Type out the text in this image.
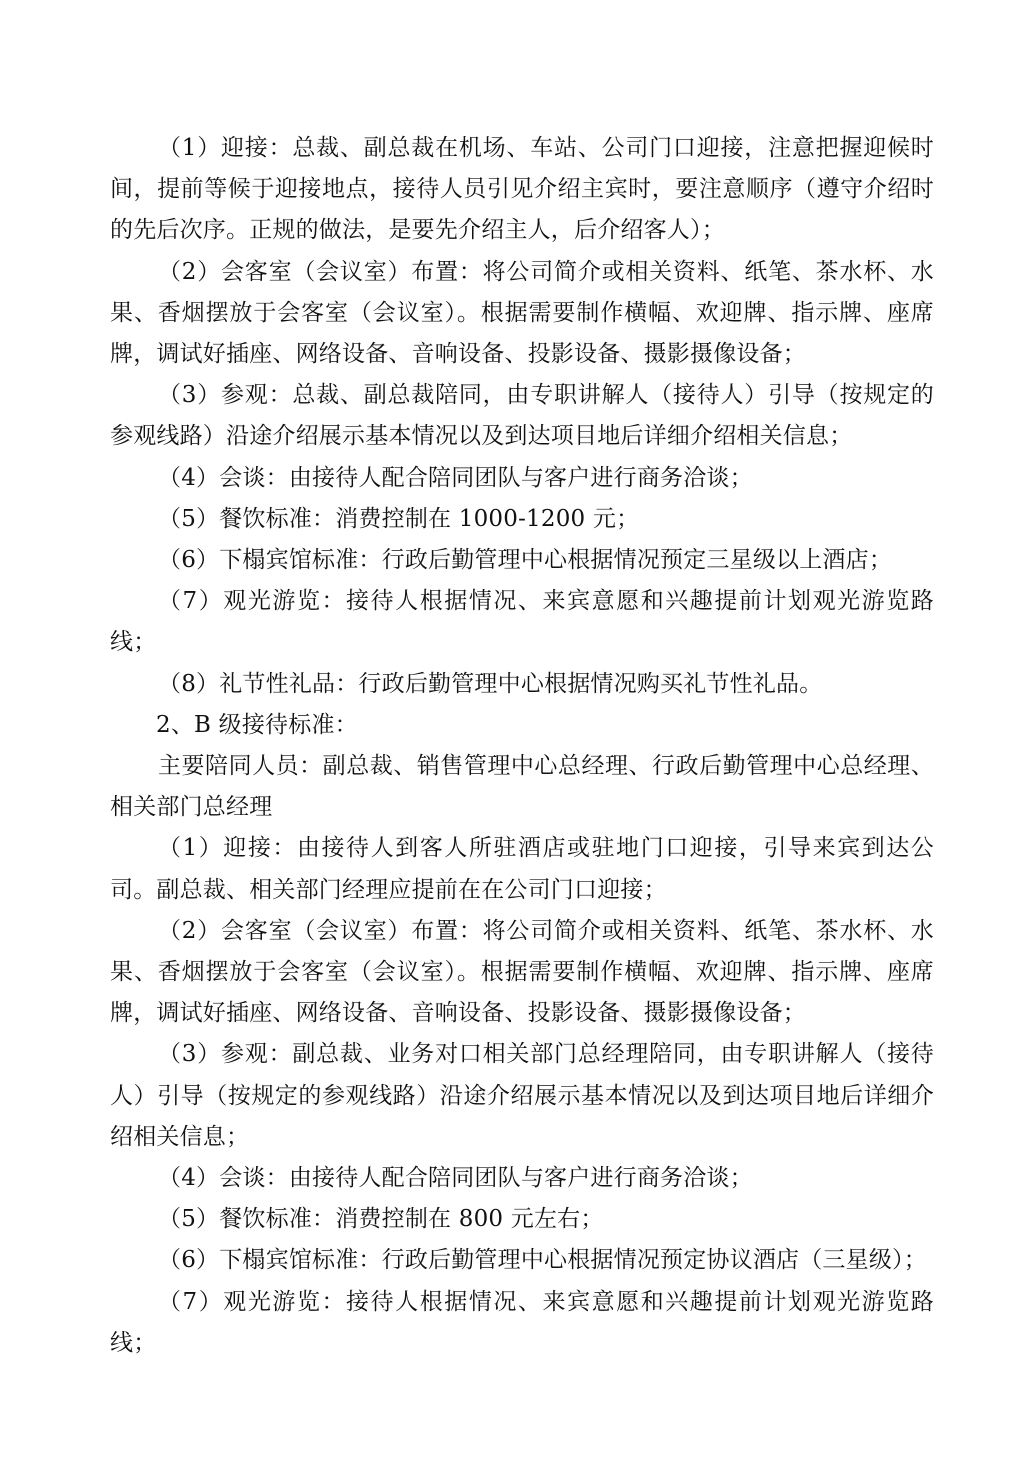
（1）迎接：总裁、副总裁在机场、车站、公司门口迎接，注意把握迎候时间，提前等候于迎接地点，接待人员引见介绍主宾时，要注意顺序（遵守介绍时的先后次序。正规的做法，是要先介绍主人，后介绍客人）；

（2）会客室（会议室）布置：将公司简介或相关资料、纸笔、茶水杯、水果、香烟摆放于会客室（会议室）。根据需要制作横幅、欢迎牌、指示牌、座席牌，调试好插座、网络设备、音响设备、投影设备、摄影摄像设备；

（3）参观：总裁、副总裁陪同，由专职讲解人（接待人）引导（按规定的参观线路）沿途介绍展示基本情况以及到达项目地后详细介绍相关信息；

（4）会谈：由接待人配合陪同团队与客户进行商务洽谈；

（5）餐饮标准：消费控制在 1000-1200 元；

（6）下榻宾馆标准：行政后勤管理中心根据情况预定三星级以上酒店；

（7）观光游览：接待人根据情况、来宾意愿和兴趣提前计划观光游览路线；

（8）礼节性礼品：行政后勤管理中心根据情况购买礼节性礼品。

2、B 级接待标准：

主要陪同人员：副总裁、销售管理中心总经理、行政后勤管理中心总经理、相关部门总经理

（1）迎接：由接待人到客人所驻酒店或驻地门口迎接，引导来宾到达公司。副总裁、相关部门经理应提前在在公司门口迎接；

（2）会客室（会议室）布置：将公司简介或相关资料、纸笔、茶水杯、水果、香烟摆放于会客室（会议室）。根据需要制作横幅、欢迎牌、指示牌、座席牌，调试好插座、网络设备、音响设备、投影设备、摄影摄像设备；

（3）参观：副总裁、业务对口相关部门总经理陪同，由专职讲解人（接待人）引导（按规定的参观线路）沿途介绍展示基本情况以及到达项目地后详细介绍相关信息；

（4）会谈：由接待人配合陪同团队与客户进行商务洽谈；

（5）餐饮标准：消费控制在 800 元左右；

（6）下榻宾馆标准：行政后勤管理中心根据情况预定协议酒店（三星级）；

（7）观光游览：接待人根据情况、来宾意愿和兴趣提前计划观光游览路线；
